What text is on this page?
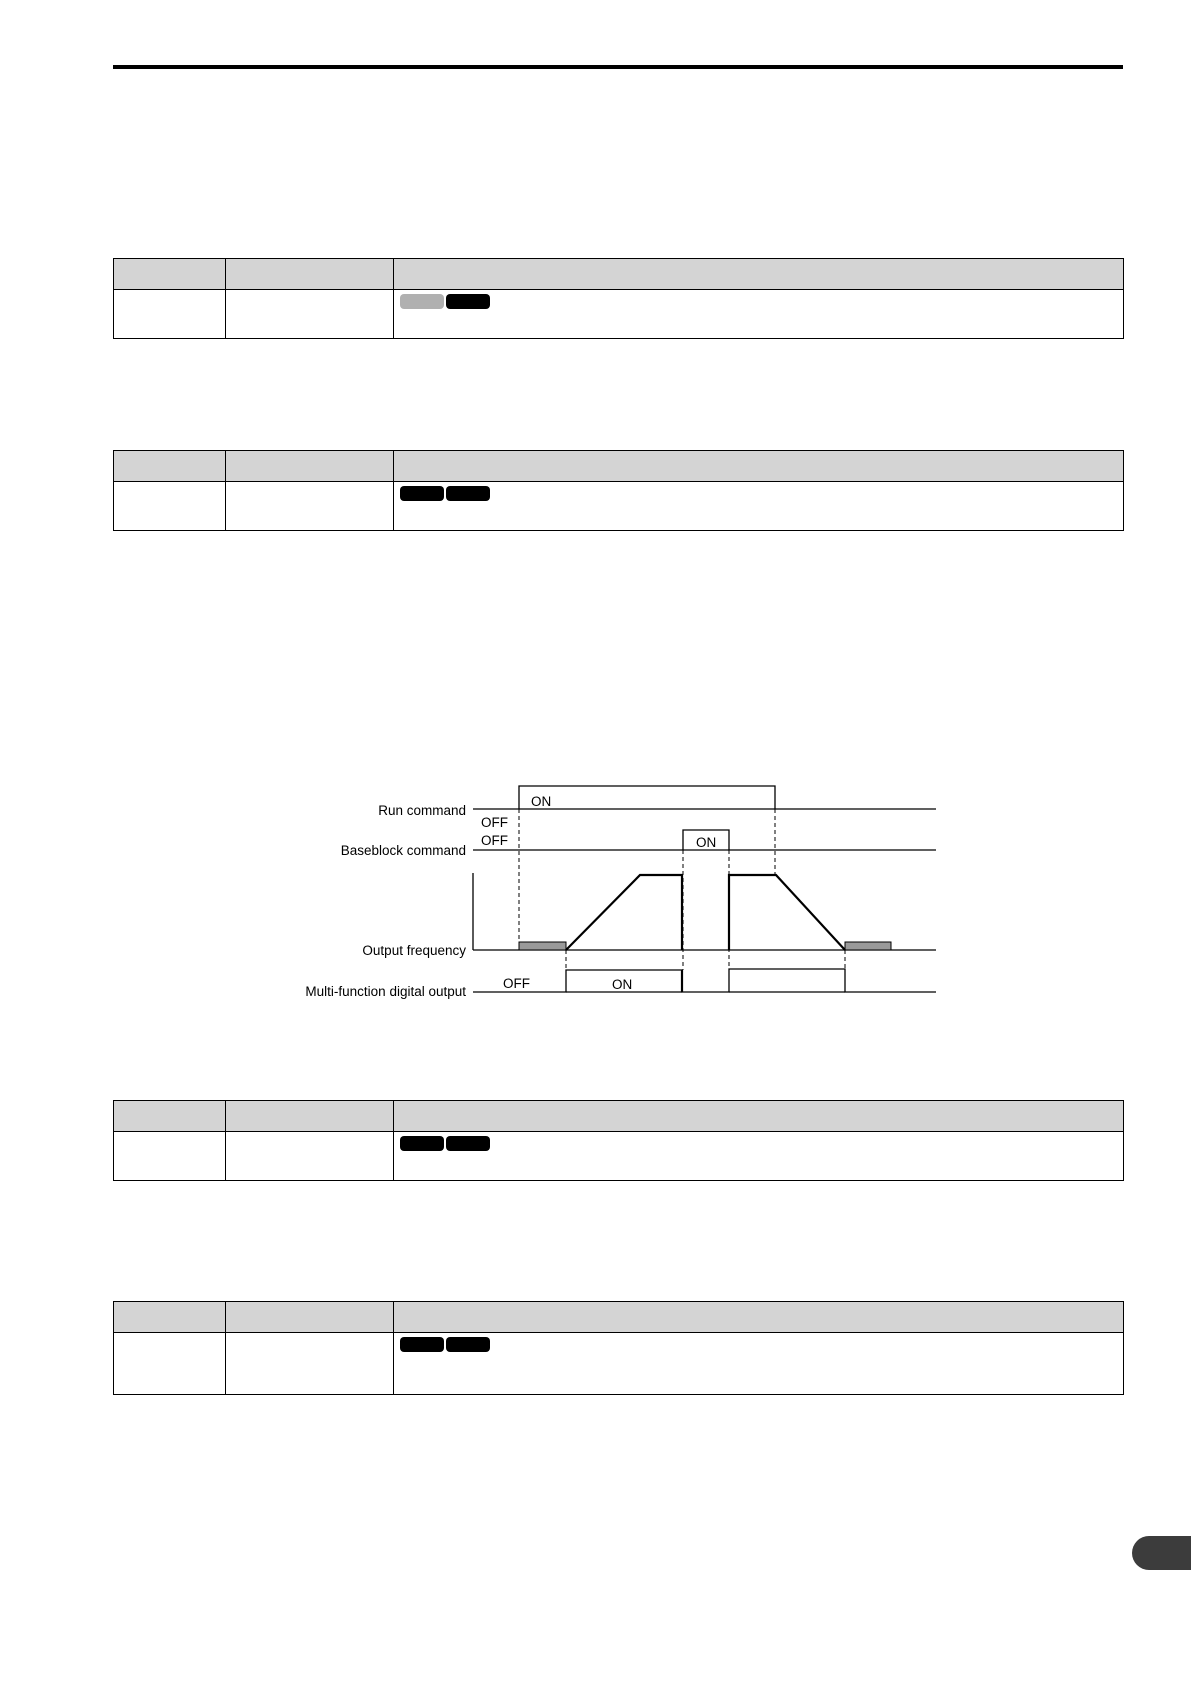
Run command
Baseblock command
Output frequency
Multi-function digital output
OFF
ON
OFF	ON
OFF	ON
